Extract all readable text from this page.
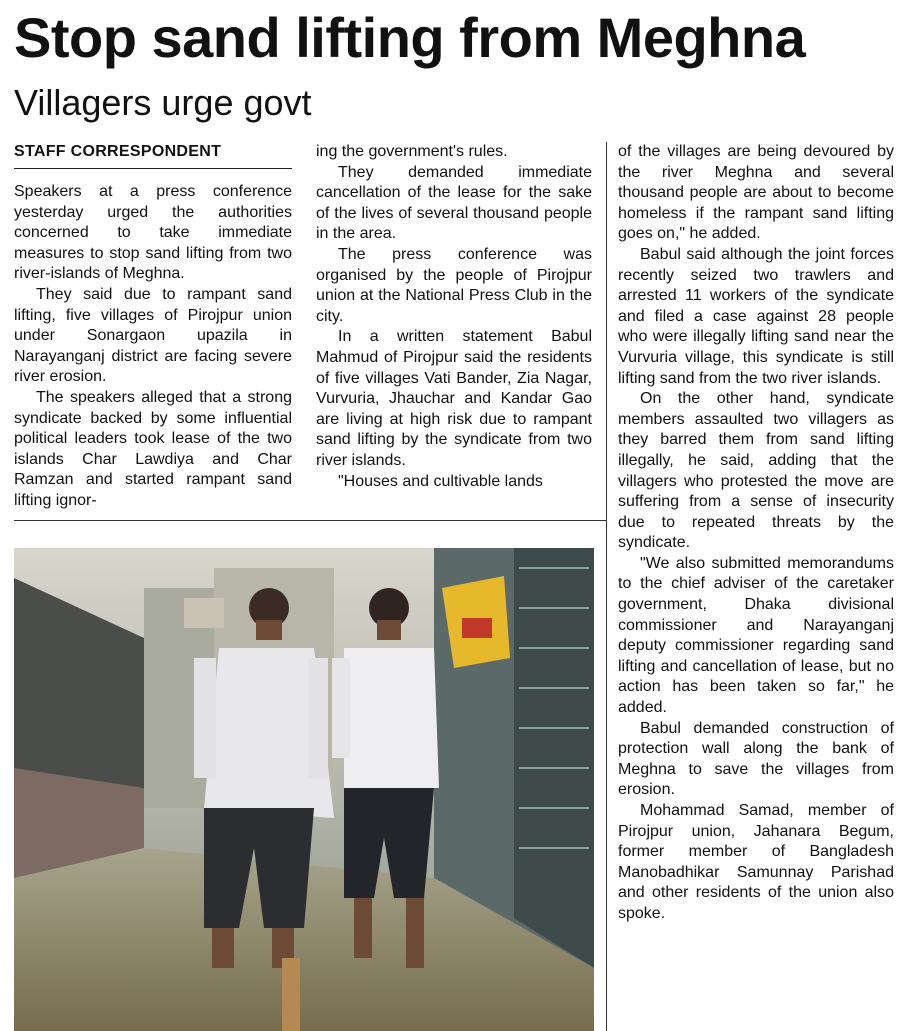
Stop sand lifting from Meghna
Villagers urge govt
STAFF CORRESPONDENT

Speakers at a press conference yesterday urged the authorities concerned to take immediate measures to stop sand lifting from two river-islands of Meghna.

They said due to rampant sand lifting, five villages of Pirojpur union under Sonargaon upazila in Narayanganj district are facing severe river erosion.

The speakers alleged that a strong syndicate backed by some influential political leaders took lease of the two islands Char Lawdiya and Char Ramzan and started rampant sand lifting ignor-

ing the government's rules.

They demanded immediate cancellation of the lease for the sake of the lives of several thousand people in the area.

The press conference was organised by the people of Pirojpur union at the National Press Club in the city.

In a written statement Babul Mahmud of Pirojpur said the residents of five villages Vati Bander, Zia Nagar, Vurvuria, Jhauchar and Kandar Gao are living at high risk due to rampant sand lifting by the syndicate from two river islands.

"Houses and cultivable lands

of the villages are being devoured by the river Meghna and several thousand people are about to become homeless if the rampant sand lifting goes on," he added.

Babul said although the joint forces recently seized two trawlers and arrested 11 workers of the syndicate and filed a case against 28 people who were illegally lifting sand near the Vurvuria village, this syndicate is still lifting sand from the two river islands.

On the other hand, syndicate members assaulted two villagers as they barred them from sand lifting illegally, he said, adding that the villagers who protested the move are suffering from a sense of insecurity due to repeated threats by the syndicate.

"We also submitted memorandums to the chief adviser of the caretaker government, Dhaka divisional commissioner and Narayanganj deputy commissioner regarding sand lifting and cancellation of lease, but no action has been taken so far," he added.

Babul demanded construction of protection wall along the bank of Meghna to save the villages from erosion.

Mohammad Samad, member of Pirojpur union, Jahanara Begum, former member of Bangladesh Manobadhikar Samunnay Parishad and other residents of the union also spoke.
